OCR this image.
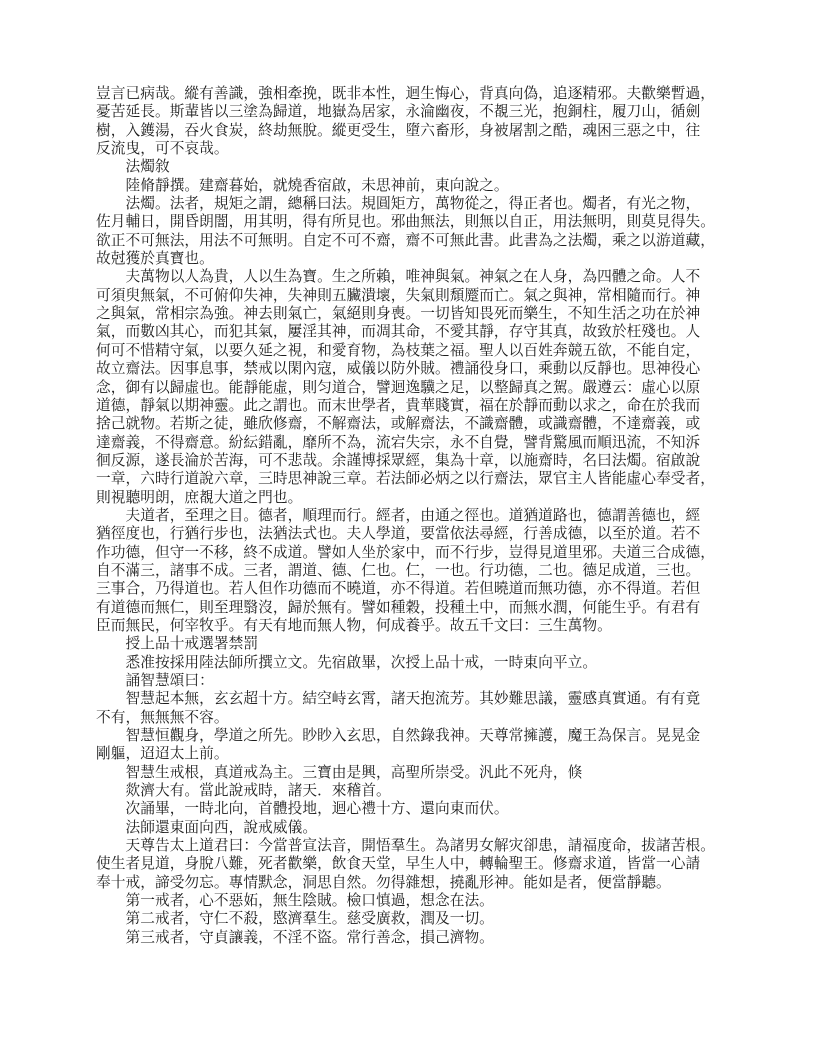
豈言已病哉。縱有善識，強相牽挽，既非本性，迴生悔心，背真向偽，追逐精邪。夫歡樂暫過，
憂苦延長。斯輩皆以三塗為歸道，地嶽為居家，永淪幽夜，不覩三光，抱銅柱，履刀山，循劍
樹，入鑊湯，吞火食炭，終劫無脫。縱更受生，墮六畜形，身被屠割之酷，魂困三惡之中，往
反流曳，可不哀哉。
　　法燭敘
　　陸脩靜撰。建齋暮始，就燒香宿啟，未思神前，東向說之。
　　法燭。法者，規矩之謂，總稱曰法。規圓矩方，萬物從之，得正者也。燭者，有光之物，
佐月輔日，開昏朗闇，用其明，得有所見也。邪曲無法，則無以自正，用法無明，則莫見得失。
欲正不可無法，用法不可無明。自定不可不齋，齋不可無此書。此書為之法燭，乘之以游道藏，
故尅獲於真寶也。
　　夫萬物以人為貴，人以生為寶。生之所賴，唯神與氣。神氣之在人身，為四體之命。人不
可須臾無氣，不可俯仰失神，失神則五臟潰壞，失氣則頹蹷而亡。氣之與神，常相隨而行。神
之與氣，常相宗為強。神去則氣亡，氣絕則身喪。一切皆知畏死而樂生，不知生活之功在於神
氣，而數凶其心，而犯其氣，屢淫其神，而凋其命，不愛其靜，存守其真，故致於枉殘也。人
何可不惜精守氣，以要久延之視，和愛育物，為枝葉之福。聖人以百姓奔競五欲，不能自定，
故立齋法。因事息事，禁戒以閑內寇，威儀以防外賊。禮誦役身口，乘動以反靜也。思神役心
念，御有以歸虛也。能靜能虛，則匀道合，譬迴逸驥之足，以整歸真之駕。嚴遵云：虛心以原
道德，靜氣以期神靈。此之謂也。而末世學者，貴華賤實，福在於靜而動以求之，命在於我而
捨己就物。若斯之徒，雖欣修齋，不解齋法，或解齋法，不識齋體，或識齋體，不達齋義，或
達齋義，不得齋意。紛紜錯亂，靡所不為，流宕失宗，永不自覺，譬背驚風而順迅流，不知泝
徊反源，遂長淪於苦海，可不悲哉。余謹博採眾經，集為十章，以施齋時，名曰法燭。宿啟說
一章，六時行道說六章，三時思神說三章。若法師必炳之以行齋法，眾官主人皆能虛心奉受者，
則視聽明朗，庶覩大道之門也。
　　夫道者，至理之目。德者，順理而行。經者，由通之徑也。道猶道路也，德謂善德也，經
猶徑度也，行猶行步也，法猶法式也。夫人學道，要當依法尋經，行善成德，以至於道。若不
作功德，但守一不移，終不成道。譬如人坐於家中，而不行步，豈得見道里邪。夫道三合成德，
自不滿三，諸事不成。三者，謂道、德、仁也。仁，一也。行功德，二也。德足成道，三也。
三事合，乃得道也。若人但作功德而不曉道，亦不得道。若但曉道而無功德，亦不得道。若但
有道德而無仁，則至理翳沒，歸於無有。譬如種穀，投種土中，而無水潤，何能生乎。有君有
臣而無民，何宰牧乎。有天有地而無人物，何成養乎。故五千文曰：三生萬物。
　　授上品十戒選署禁罰
　　悉准按採用陸法師所撰立文。先宿啟畢，次授上品十戒，一時東向平立。
　　誦智慧頌曰：
　　智慧起本無，玄玄超十方。結空峙玄霄，諸天抱流芳。其妙難思議，靈感真實通。有有竟
不有，無無無不容。
　　智慧恒觀身，學道之所先。眇眇入玄思，自然錄我神。天尊常擁護，魔王為保言。晃晃金
剛軀，迢迢太上前。
　　智慧生戒根，真道戒為主。三寶由是興，高聖所崇受。汎此不死舟，倏
　　欻濟大有。當此說戒時，諸天．來稽首。
　　次誦畢，一時北向，首體投地，迴心禮十方、還向東而伏。
　　法師還東面向西，說戒威儀。
　　天尊告太上道君曰：今當普宣法音，開悟羣生。為諸男女解灾卻患，請福度命，拔諸苦根。
使生者見道，身脫八難，死者歡樂，飲食天堂，早生人中，轉輪聖王。修齋求道，皆當一心請
奉十戒，諦受勿忘。專情默念，洞思自然。勿得雜想，撓亂形神。能如是者，便當靜聽。
　　第一戒者，心不惡妬，無生陰賊。檢口慎過，想念在法。
　　第二戒者，守仁不殺，愍濟羣生。慈受廣救，潤及一切。
　　第三戒者，守貞讓義，不淫不盜。常行善念，損己濟物。
